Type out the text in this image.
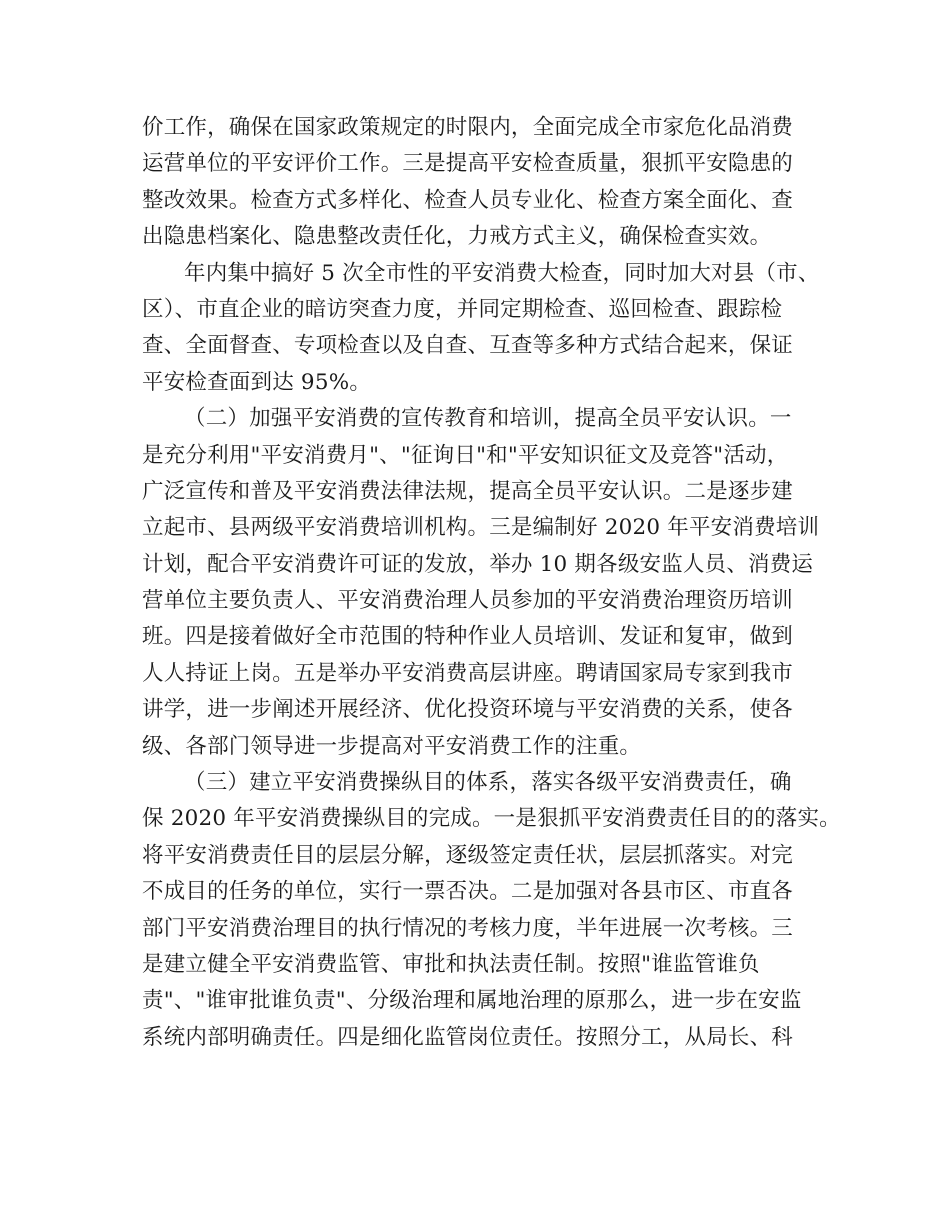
价工作，确保在国家政策规定的时限内，全面完成全市家危化品消费
运营单位的平安评价工作。三是提高平安检查质量，狠抓平安隐患的
整改效果。检查方式多样化、检查人员专业化、检查方案全面化、查
出隐患档案化、隐患整改责任化，力戒方式主义，确保检查实效。
年内集中搞好 5 次全市性的平安消费大检查，同时加大对县（市、
区）、市直企业的暗访突查力度，并同定期检查、巡回检查、跟踪检
查、全面督查、专项检查以及自查、互查等多种方式结合起来，保证
平安检查面到达 95%。
（二）加强平安消费的宣传教育和培训，提高全员平安认识。一
是充分利用"平安消费月"、"征询日"和"平安知识征文及竞答"活动，
广泛宣传和普及平安消费法律法规，提高全员平安认识。二是逐步建
立起市、县两级平安消费培训机构。三是编制好 2020 年平安消费培训
计划，配合平安消费许可证的发放，举办 10 期各级安监人员、消费运
营单位主要负责人、平安消费治理人员参加的平安消费治理资历培训
班。四是接着做好全市范围的特种作业人员培训、发证和复审，做到
人人持证上岗。五是举办平安消费高层讲座。聘请国家局专家到我市
讲学，进一步阐述开展经济、优化投资环境与平安消费的关系，使各
级、各部门领导进一步提高对平安消费工作的注重。
（三）建立平安消费操纵目的体系，落实各级平安消费责任，确
保 2020 年平安消费操纵目的完成。一是狠抓平安消费责任目的的落实。
将平安消费责任目的层层分解，逐级签定责任状，层层抓落实。对完
不成目的任务的单位，实行一票否决。二是加强对各县市区、市直各
部门平安消费治理目的执行情况的考核力度，半年进展一次考核。三
是建立健全平安消费监管、审批和执法责任制。按照"谁监管谁负
责"、"谁审批谁负责"、分级治理和属地治理的原那么，进一步在安监
系统内部明确责任。四是细化监管岗位责任。按照分工，从局长、科
